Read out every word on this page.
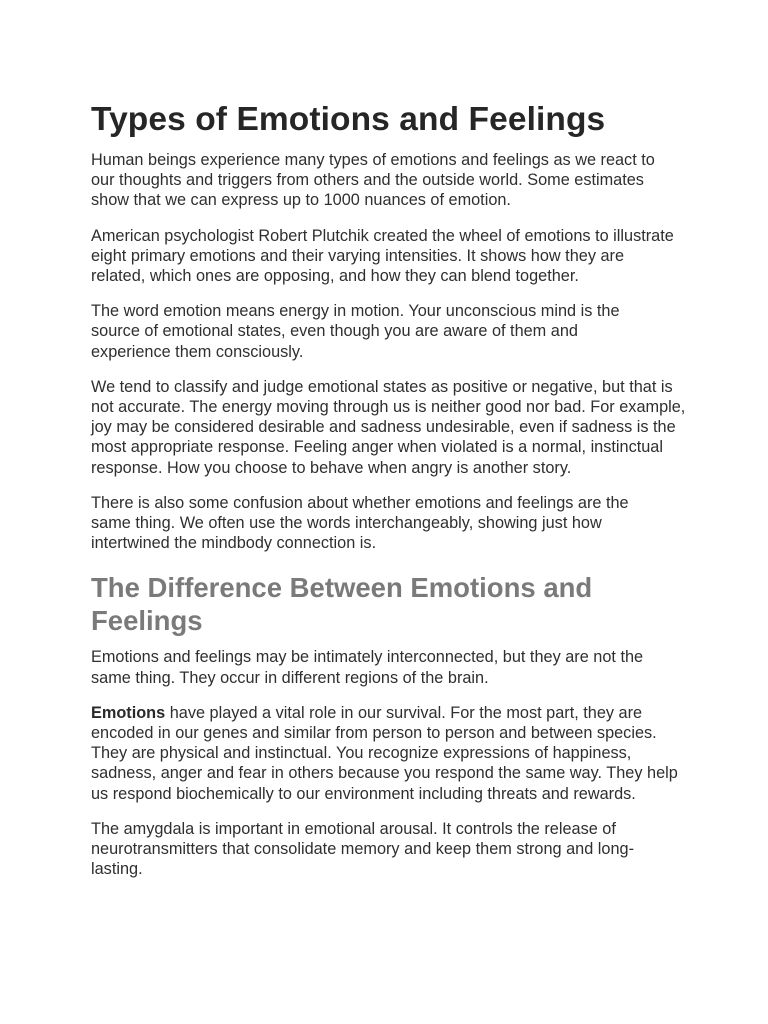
Types of Emotions and Feelings

Human beings experience many types of emotions and feelings as we react to our thoughts and triggers from others and the outside world. Some estimates show that we can express up to 1000 nuances of emotion.

American psychologist Robert Plutchik created the wheel of emotions to illustrate eight primary emotions and their varying intensities. It shows how they are related, which ones are opposing, and how they can blend together.

The word emotion means energy in motion. Your unconscious mind is the source of emotional states, even though you are aware of them and experience them consciously.

We tend to classify and judge emotional states as positive or negative, but that is not accurate. The energy moving through us is neither good nor bad. For example, joy may be considered desirable and sadness undesirable, even if sadness is the most appropriate response. Feeling anger when violated is a normal, instinctual response. How you choose to behave when angry is another story.

There is also some confusion about whether emotions and feelings are the same thing. We often use the words interchangeably, showing just how intertwined the mindbody connection is.

The Difference Between Emotions and Feelings

Emotions and feelings may be intimately interconnected, but they are not the same thing. They occur in different regions of the brain.

Emotions have played a vital role in our survival. For the most part, they are encoded in our genes and similar from person to person and between species. They are physical and instinctual. You recognize expressions of happiness, sadness, anger and fear in others because you respond the same way. They help us respond biochemically to our environment including threats and rewards.

The amygdala is important in emotional arousal. It controls the release of neurotransmitters that consolidate memory and keep them strong and long-lasting.
